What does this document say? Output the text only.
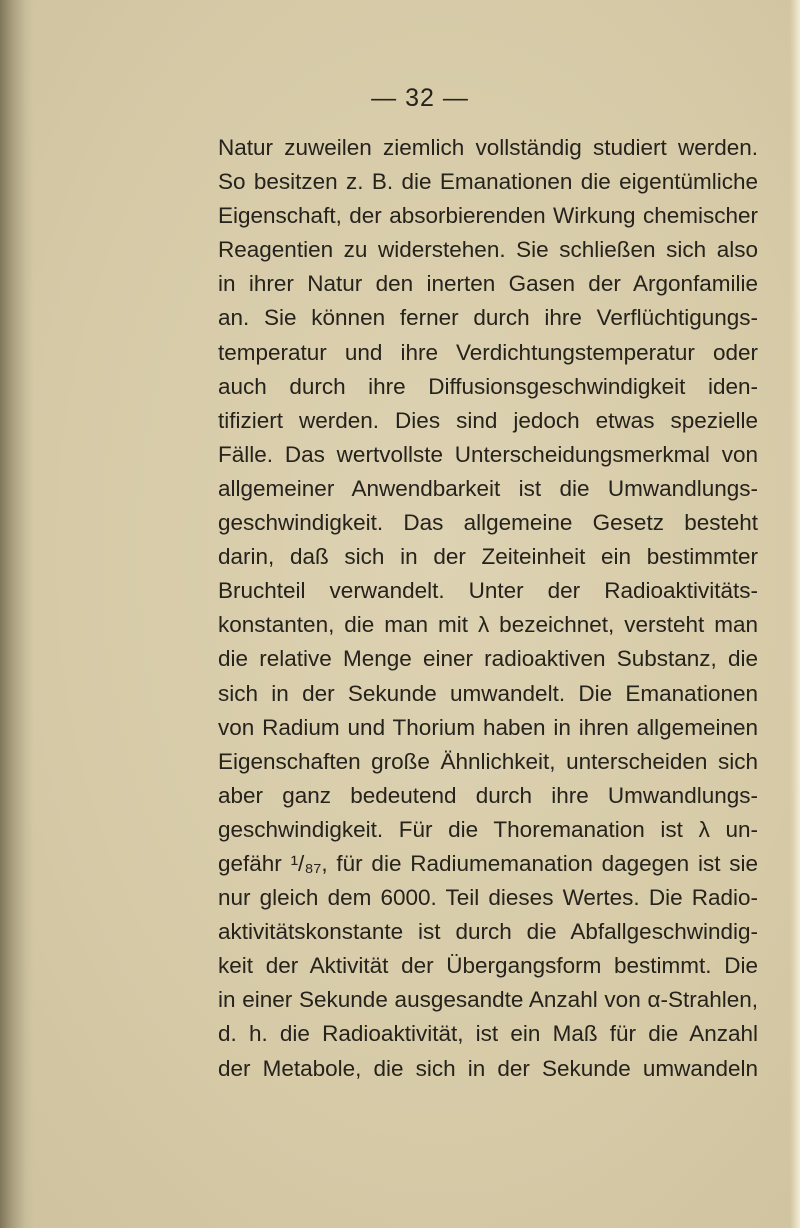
— 32 —
Natur zuweilen ziemlich vollständig studiert werden.
So besitzen z. B. die Emanationen die eigentümliche
Eigenschaft, der absorbierenden Wirkung chemischer
Reagentien zu widerstehen. Sie schließen sich also
in ihrer Natur den inerten Gasen der Argonfamilie
an. Sie können ferner durch ihre Verflüchtigungs-
temperatur und ihre Verdichtungstemperatur oder
auch durch ihre Diffusionsgeschwindigkeit iden-
tifiziert werden. Dies sind jedoch etwas spezielle
Fälle. Das wertvollste Unterscheidungsmerkmal von
allgemeiner Anwendbarkeit ist die Umwandlungs-
geschwindigkeit. Das allgemeine Gesetz besteht
darin, daß sich in der Zeiteinheit ein bestimmter
Bruchteil verwandelt. Unter der Radioaktivitäts-
konstanten, die man mit λ bezeichnet, versteht man
die relative Menge einer radioaktiven Substanz, die
sich in der Sekunde umwandelt. Die Emanationen
von Radium und Thorium haben in ihren allgemeinen
Eigenschaften große Ähnlichkeit, unterscheiden sich
aber ganz bedeutend durch ihre Umwandlungs-
geschwindigkeit. Für die Thoremanation ist λ un-
gefähr ¹/₈₇, für die Radiumemanation dagegen ist sie
nur gleich dem 6000. Teil dieses Wertes. Die Radio-
aktivitätskonstante ist durch die Abfallgeschwindig-
keit der Aktivität der Übergangsform bestimmt. Die
in einer Sekunde ausgesandte Anzahl von α-Strahlen,
d. h. die Radioaktivität, ist ein Maß für die Anzahl
der Metabole, die sich in der Sekunde umwandeln
